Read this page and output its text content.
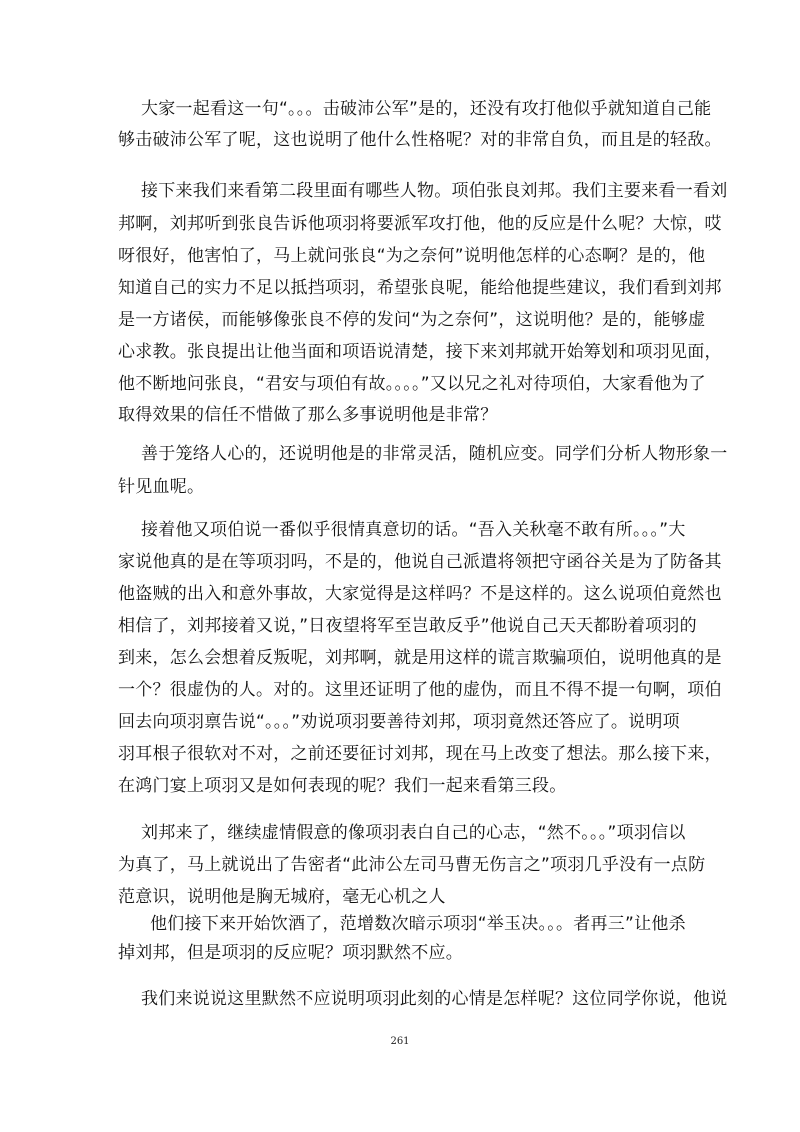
大家一起看这一句“。。。击破沛公军”是的，还没有攻打他似乎就知道自己能
够击破沛公军了呢，这也说明了他什么性格呢？对的非常自负，而且是的轻敌。
接下来我们来看第二段里面有哪些人物。项伯张良刘邦。我们主要来看一看刘
邦啊，刘邦听到张良告诉他项羽将要派军攻打他，他的反应是什么呢？大惊，哎
呀很好，他害怕了，马上就问张良“为之奈何”说明他怎样的心态啊？是的，他
知道自己的实力不足以抵挡项羽，希望张良呢，能给他提些建议，我们看到刘邦
是一方诸侯，而能够像张良不停的发问“为之奈何”，这说明他？是的，能够虚
心求教。张良提出让他当面和项语说清楚，接下来刘邦就开始筹划和项羽见面，
他不断地问张良，“君安与项伯有故。。。。”又以兄之礼对待项伯，大家看他为了
取得效果的信任不惜做了那么多事说明他是非常？
善于笼络人心的，还说明他是的非常灵活，随机应变。同学们分析人物形象一
针见血呢。
接着他又项伯说一番似乎很情真意切的话。“吾入关秋毫不敢有所。。。”大
家说他真的是在等项羽吗，不是的，他说自己派遣将领把守函谷关是为了防备其
他盗贼的出入和意外事故，大家觉得是这样吗？不是这样的。这么说项伯竟然也
相信了，刘邦接着又说，”日夜望将军至岂敢反乎”他说自己天天都盼着项羽的
到来，怎么会想着反叛呢，刘邦啊，就是用这样的谎言欺骗项伯，说明他真的是
一个？很虚伪的人。对的。这里还证明了他的虚伪，而且不得不提一句啊，项伯
回去向项羽禀告说“。。。”劝说项羽要善待刘邦，项羽竟然还答应了。说明项
羽耳根子很软对不对，之前还要征讨刘邦，现在马上改变了想法。那么接下来，
在鸿门宴上项羽又是如何表现的呢？我们一起来看第三段。
刘邦来了，继续虚情假意的像项羽表白自己的心志，“然不。。。”项羽信以
为真了，马上就说出了告密者“此沛公左司马曹无伤言之”项羽几乎没有一点防
范意识，说明他是胸无城府，毫无心机之人
他们接下来开始饮酒了，范增数次暗示项羽“举玉决。。。者再三”让他杀
掉刘邦，但是项羽的反应呢？项羽默然不应。
我们来说说这里默然不应说明项羽此刻的心情是怎样呢？这位同学你说，他说
261
